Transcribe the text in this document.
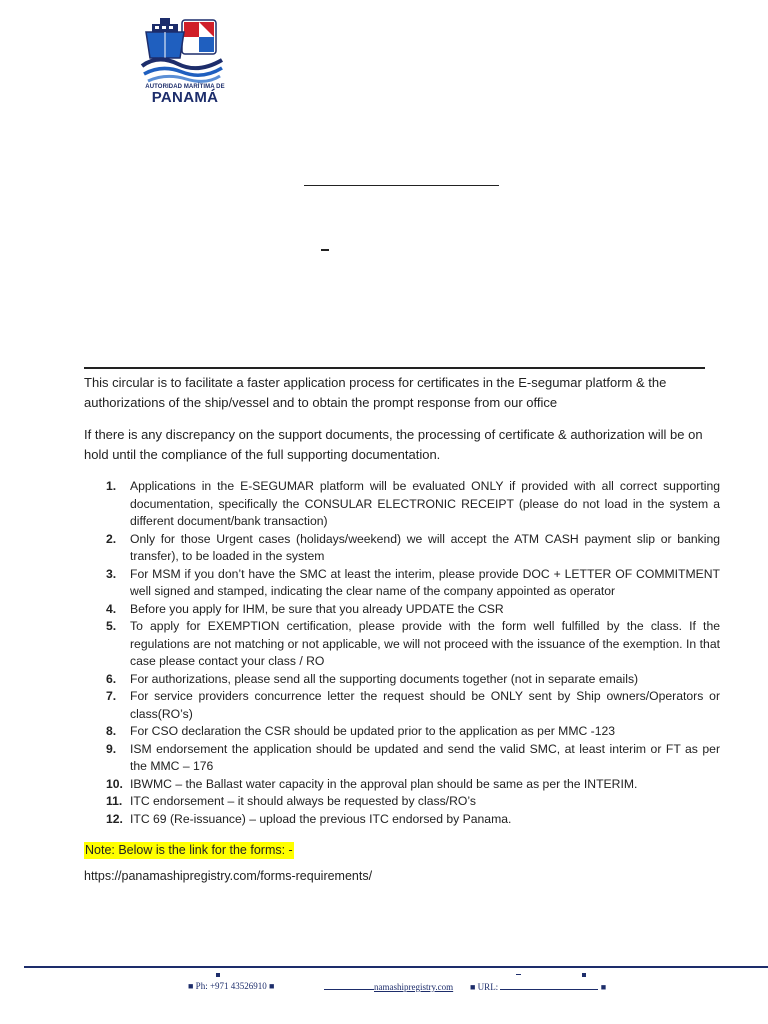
AUTORIDAD MARÍTIMA DE
PANAMÁ
This circular is to facilitate a faster application process for certificates in the E-segumar platform & the authorizations of the ship/vessel and to obtain the prompt response from our office
If there is any discrepancy on the support documents, the processing of certificate & authorization will be on hold until the compliance of the full supporting documentation.
1. Applications in the E-SEGUMAR platform will be evaluated ONLY if provided with all correct supporting documentation, specifically the CONSULAR ELECTRONIC RECEIPT (please do not load in the system a different document/bank transaction)
2. Only for those Urgent cases (holidays/weekend) we will accept the ATM CASH payment slip or banking transfer), to be loaded in the system
3. For MSM if you don’t have the SMC at least the interim, please provide DOC + LETTER OF COMMITMENT well signed and stamped, indicating the clear name of the company appointed as operator
4. Before you apply for IHM, be sure that you already UPDATE the CSR
5. To apply for EXEMPTION certification, please provide with the form well fulfilled by the class. If the regulations are not matching or not applicable, we will not proceed with the issuance of the exemption. In that case please contact your class / RO
6. For authorizations, please send all the supporting documents together (not in separate emails)
7. For service providers concurrence letter the request should be ONLY sent by Ship owners/Operators or class(RO’s)
8. For CSO declaration the CSR should be updated prior to the application as per MMC -123
9. ISM endorsement the application should be updated and send the valid SMC, at least interim or FT as per the MMC – 176
10. IBWMC – the Ballast water capacity in the approval plan should be same as per the INTERIM.
11. ITC endorsement – it should always be requested by class/RO’s
12. ITC 69 (Re-issuance) – upload the previous ITC endorsed by Panama.
Note: Below is the link for the forms: -
https://panamashipregistry.com/forms-requirements/
■ Ph: +971 43526910 ■	namashipregistry.com ■ URL:	■
